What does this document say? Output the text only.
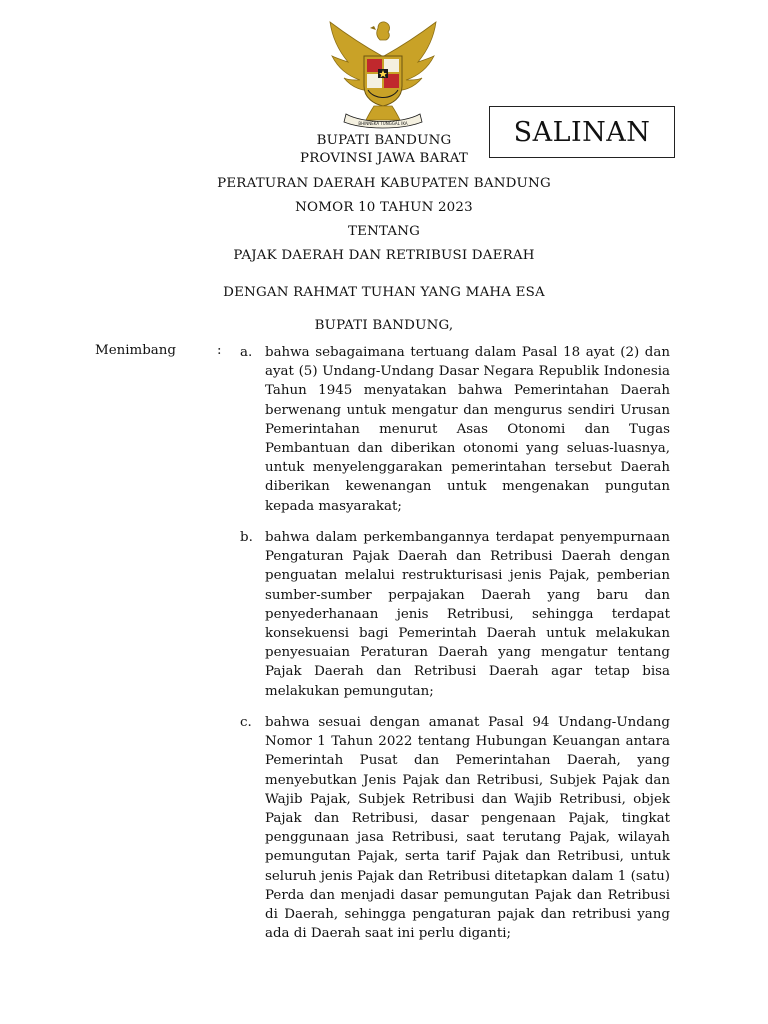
BHINNEKA TUNGGAL IKA	SALINAN
BUPATI BANDUNG
PROVINSI JAWA BARAT
PERATURAN DAERAH KABUPATEN BANDUNG
NOMOR 10 TAHUN 2023
TENTANG
PAJAK DAERAH DAN RETRIBUSI DAERAH
DENGAN RAHMAT TUHAN YANG MAHA ESA
BUPATI BANDUNG,
Menimbang	: a. bahwa sebagaimana tertuang dalam Pasal 18 ayat (2) dan ayat (5) Undang-Undang Dasar Negara Republik Indonesia Tahun 1945 menyatakan bahwa Pemerintahan Daerah berwenang untuk mengatur dan mengurus sendiri Urusan Pemerintahan menurut Asas Otonomi dan Tugas Pembantuan dan diberikan otonomi yang seluas-luasnya, untuk menyelenggarakan pemerintahan tersebut Daerah diberikan kewenangan untuk mengenakan pungutan kepada masyarakat;
b. bahwa dalam perkembangannya terdapat penyempurnaan Pengaturan Pajak Daerah dan Retribusi Daerah dengan penguatan melalui restrukturisasi jenis Pajak, pemberian sumber-sumber perpajakan Daerah yang baru dan penyederhanaan jenis Retribusi, sehingga terdapat konsekuensi bagi Pemerintah Daerah untuk melakukan penyesuaian Peraturan Daerah yang mengatur tentang Pajak Daerah dan Retribusi Daerah agar tetap bisa melakukan pemungutan;
c. bahwa sesuai dengan amanat Pasal 94 Undang-Undang Nomor 1 Tahun 2022 tentang Hubungan Keuangan antara Pemerintah Pusat dan Pemerintahan Daerah, yang menyebutkan Jenis Pajak dan Retribusi, Subjek Pajak dan Wajib Pajak, Subjek Retribusi dan Wajib Retribusi, objek Pajak dan Retribusi, dasar pengenaan Pajak, tingkat penggunaan jasa Retribusi, saat terutang Pajak, wilayah pemungutan Pajak, serta tarif Pajak dan Retribusi, untuk seluruh jenis Pajak dan Retribusi ditetapkan dalam 1 (satu) Perda dan menjadi dasar pemungutan Pajak dan Retribusi di Daerah, sehingga pengaturan pajak dan retribusi yang ada di Daerah saat ini perlu diganti;
